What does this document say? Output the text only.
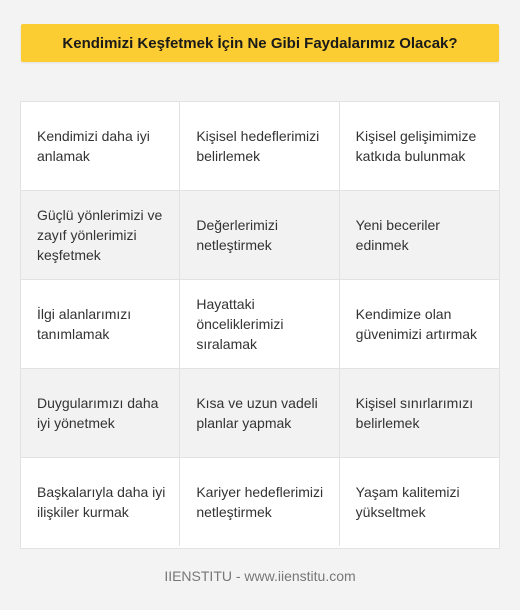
Kendimizi Keşfetmek İçin Ne Gibi Faydalarımız Olacak?
Kendimizi daha iyi anlamak
Kişisel hedeflerimizi belirlemek
Kişisel gelişimimize katkıda bulunmak
Güçlü yönlerimizi ve zayıf yönlerimizi keşfetmek
Değerlerimizi netleştirmek
Yeni beceriler edinmek
İlgi alanlarımızı tanımlamak
Hayattaki önceliklerimizi sıralamak
Kendimize olan güvenimizi artırmak
Duygularımızı daha iyi yönetmek
Kısa ve uzun vadeli planlar yapmak
Kişisel sınırlarımızı belirlemek
Başkalarıyla daha iyi ilişkiler kurmak
Kariyer hedeflerimizi netleştirmek
Yaşam kalitemizi yükseltmek
IIENSTITU - www.iienstitu.com
